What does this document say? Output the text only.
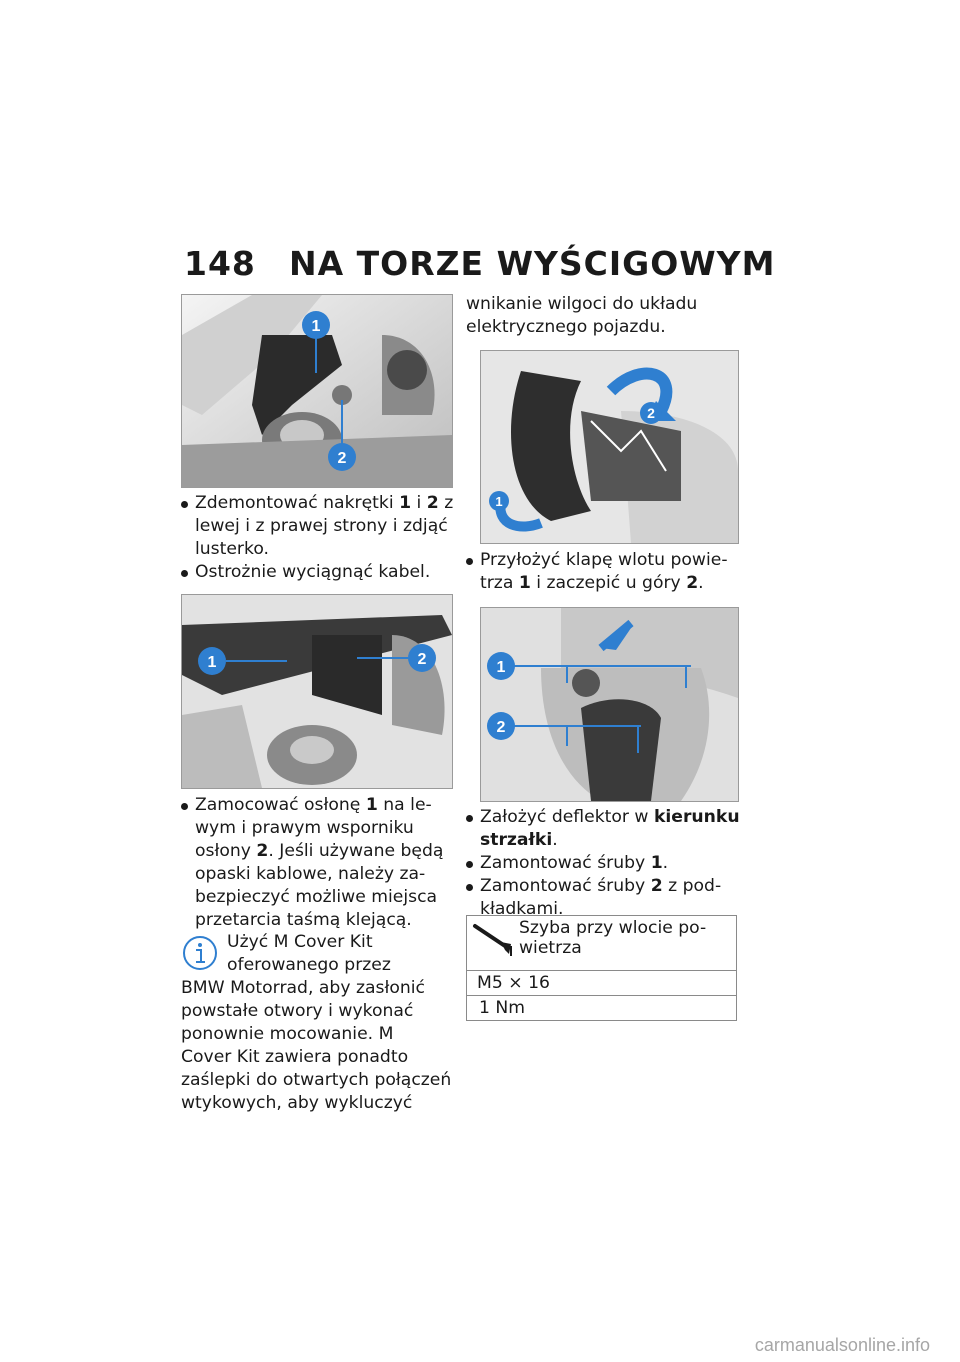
148	NA TORZE WYŚCIGOWYM
1
2

Zdemontować nakrętki 1 i 2 z
lewej i z prawej strony i zdjąć
lusterko.

Ostrożnie wyciągnąć kabel.

1	2

Zamocować osłonę 1 na le-
wym i prawym wsporniku
osłony 2. Jeśli używane będą
opaski kablowe, należy za-
bezpieczyć możliwe miejsca
przetarcia taśmą klejącą.

Użyć M Cover Kit
oferowanego przez
BMW Motorrad, aby zasłonić
powstałe otwory i wykonać
ponownie mocowanie. M
Cover Kit zawiera ponadto
zaślepki do otwartych połączeń
wtykowych, aby wykluczyć
wnikanie wilgoci do układu
elektrycznego pojazdu.
2
1

Przyłożyć klapę wlotu powie-
trza 1 i zaczepić u góry 2.

1
2

Założyć deflektor w kierunku
strzałki.

Zamontować śruby 1.

Zamontować śruby 2 z pod-
kładkami.

Szyba przy wlocie po-
wietrza

M5 × 16
1 Nm
carmanualsonline.info
